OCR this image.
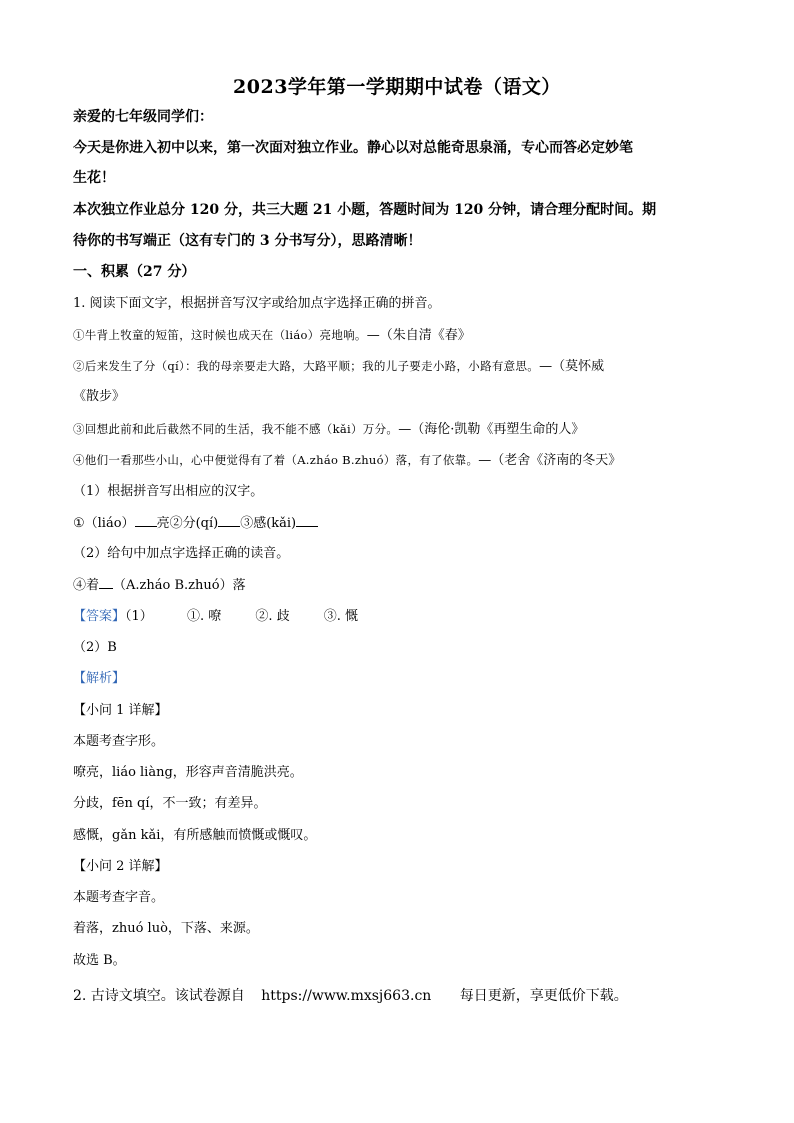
2023学年第一学期期中试卷（语文）
亲爱的七年级同学们：
今天是你进入初中以来，第一次面对独立作业。静心以对总能奇思泉涌，专心而答必定妙笔
生花！
本次独立作业总分 120 分，共三大题 21 小题，答题时间为 120 分钟，请合理分配时间。期
待你的书写端正（这有专门的 3 分书写分），思路清晰！
一、积累（27 分）
1. 阅读下面文字，根据拼音写汉字或给加点字选择正确的拼音。
①牛背上牧童的短笛，这时候也成天在（liáo）亮地响。—（朱自清《春》
②后来发生了分（qí）：我的母亲要走大路，大路平顺；我的儿子要走小路，小路有意思。—（莫怀威
《散步》
③回想此前和此后截然不同的生活，我不能不感（kǎi）万分。—（海伦·凯勒《再塑生命的人》
④他们一看那些小山，心中便觉得有了着（A.zháo B.zhuó）落，有了依靠。—（老舍《济南的冬天》
（1）根据拼音写出相应的汉字。
①（liáo） 亮②分(qí) ③感(kǎi)
（2）给句中加点字选择正确的读音。
④着 （A.zháo B.zhuó）落
【答案】（1）	①. 嘹	②. 歧	③. 慨
（2）B
【解析】
【小问 1 详解】
本题考查字形。
嘹亮，liáo liàng，形容声音清脆洪亮。
分歧，fēn qí，不一致；有差异。
感慨，gǎn kǎi，有所感触而愤慨或慨叹。
【小问 2 详解】
本题考查字音。
着落，zhuó luò，下落、来源。
故选 B。
2. 古诗文填空。该试卷源自 https://www.mxsj663.cn 每日更新，享更低价下载。
